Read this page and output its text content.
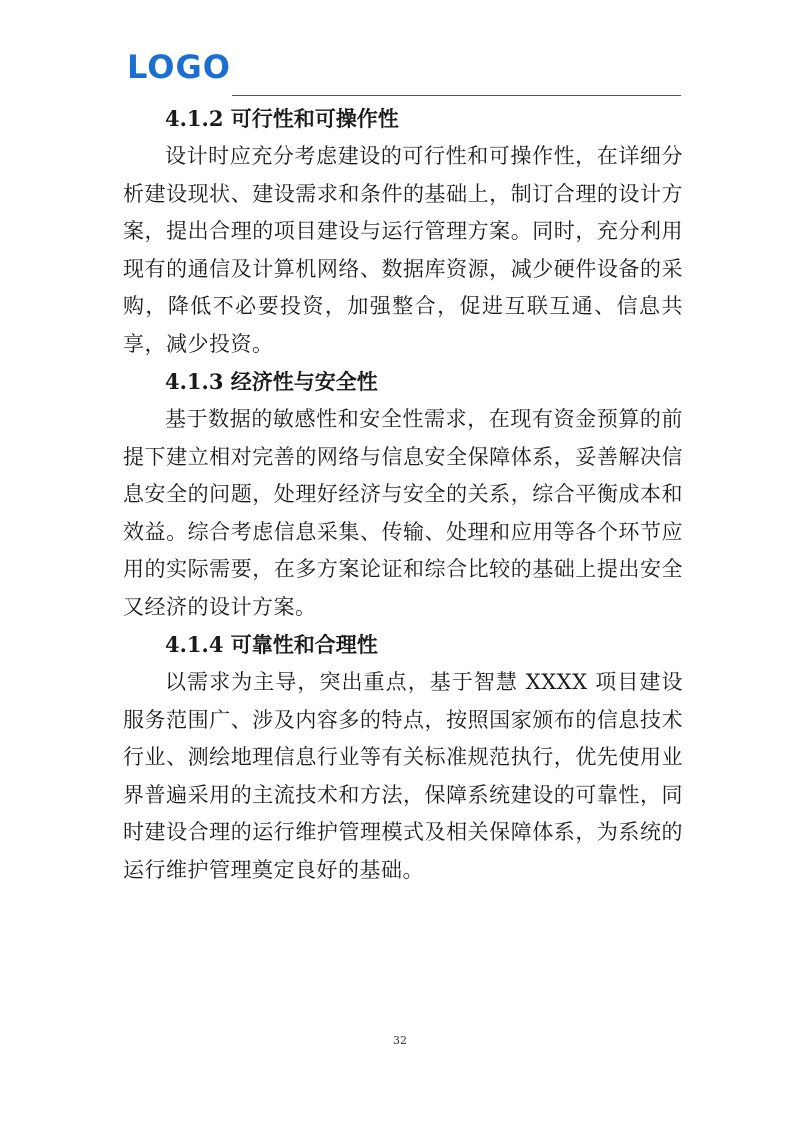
LOGO
4.1.2 可行性和可操作性

设计时应充分考虑建设的可行性和可操作性，在详细分析建设现状、建设需求和条件的基础上，制订合理的设计方案，提出合理的项目建设与运行管理方案。同时，充分利用现有的通信及计算机网络、数据库资源，减少硬件设备的采购，降低不必要投资，加强整合，促进互联互通、信息共享，减少投资。

4.1.3 经济性与安全性

基于数据的敏感性和安全性需求，在现有资金预算的前提下建立相对完善的网络与信息安全保障体系，妥善解决信息安全的问题，处理好经济与安全的关系，综合平衡成本和效益。综合考虑信息采集、传输、处理和应用等各个环节应用的实际需要，在多方案论证和综合比较的基础上提出安全又经济的设计方案。

4.1.4 可靠性和合理性

以需求为主导，突出重点，基于智慧 XXXX 项目建设服务范围广、涉及内容多的特点，按照国家颁布的信息技术行业、测绘地理信息行业等有关标准规范执行，优先使用业界普遍采用的主流技术和方法，保障系统建设的可靠性，同时建设合理的运行维护管理模式及相关保障体系，为系统的运行维护管理奠定良好的基础。

32
